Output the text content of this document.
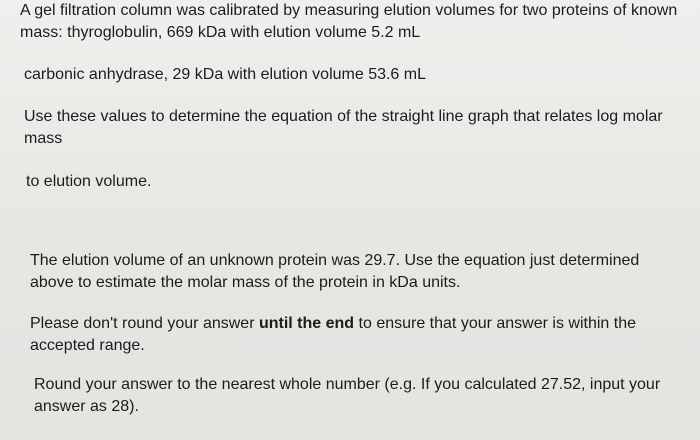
A gel filtration column was calibrated by measuring elution volumes for two proteins of known mass: thyroglobulin, 669 kDa with elution volume 5.2 mL

carbonic anhydrase, 29 kDa with elution volume 53.6 mL

Use these values to determine the equation of the straight line graph that relates log molar mass

to elution volume.

The elution volume of an unknown protein was 29.7. Use the equation just determined above to estimate the molar mass of the protein in kDa units.

Please don't round your answer until the end to ensure that your answer is within the accepted range.

Round your answer to the nearest whole number (e.g. If you calculated 27.52, input your answer as 28).
